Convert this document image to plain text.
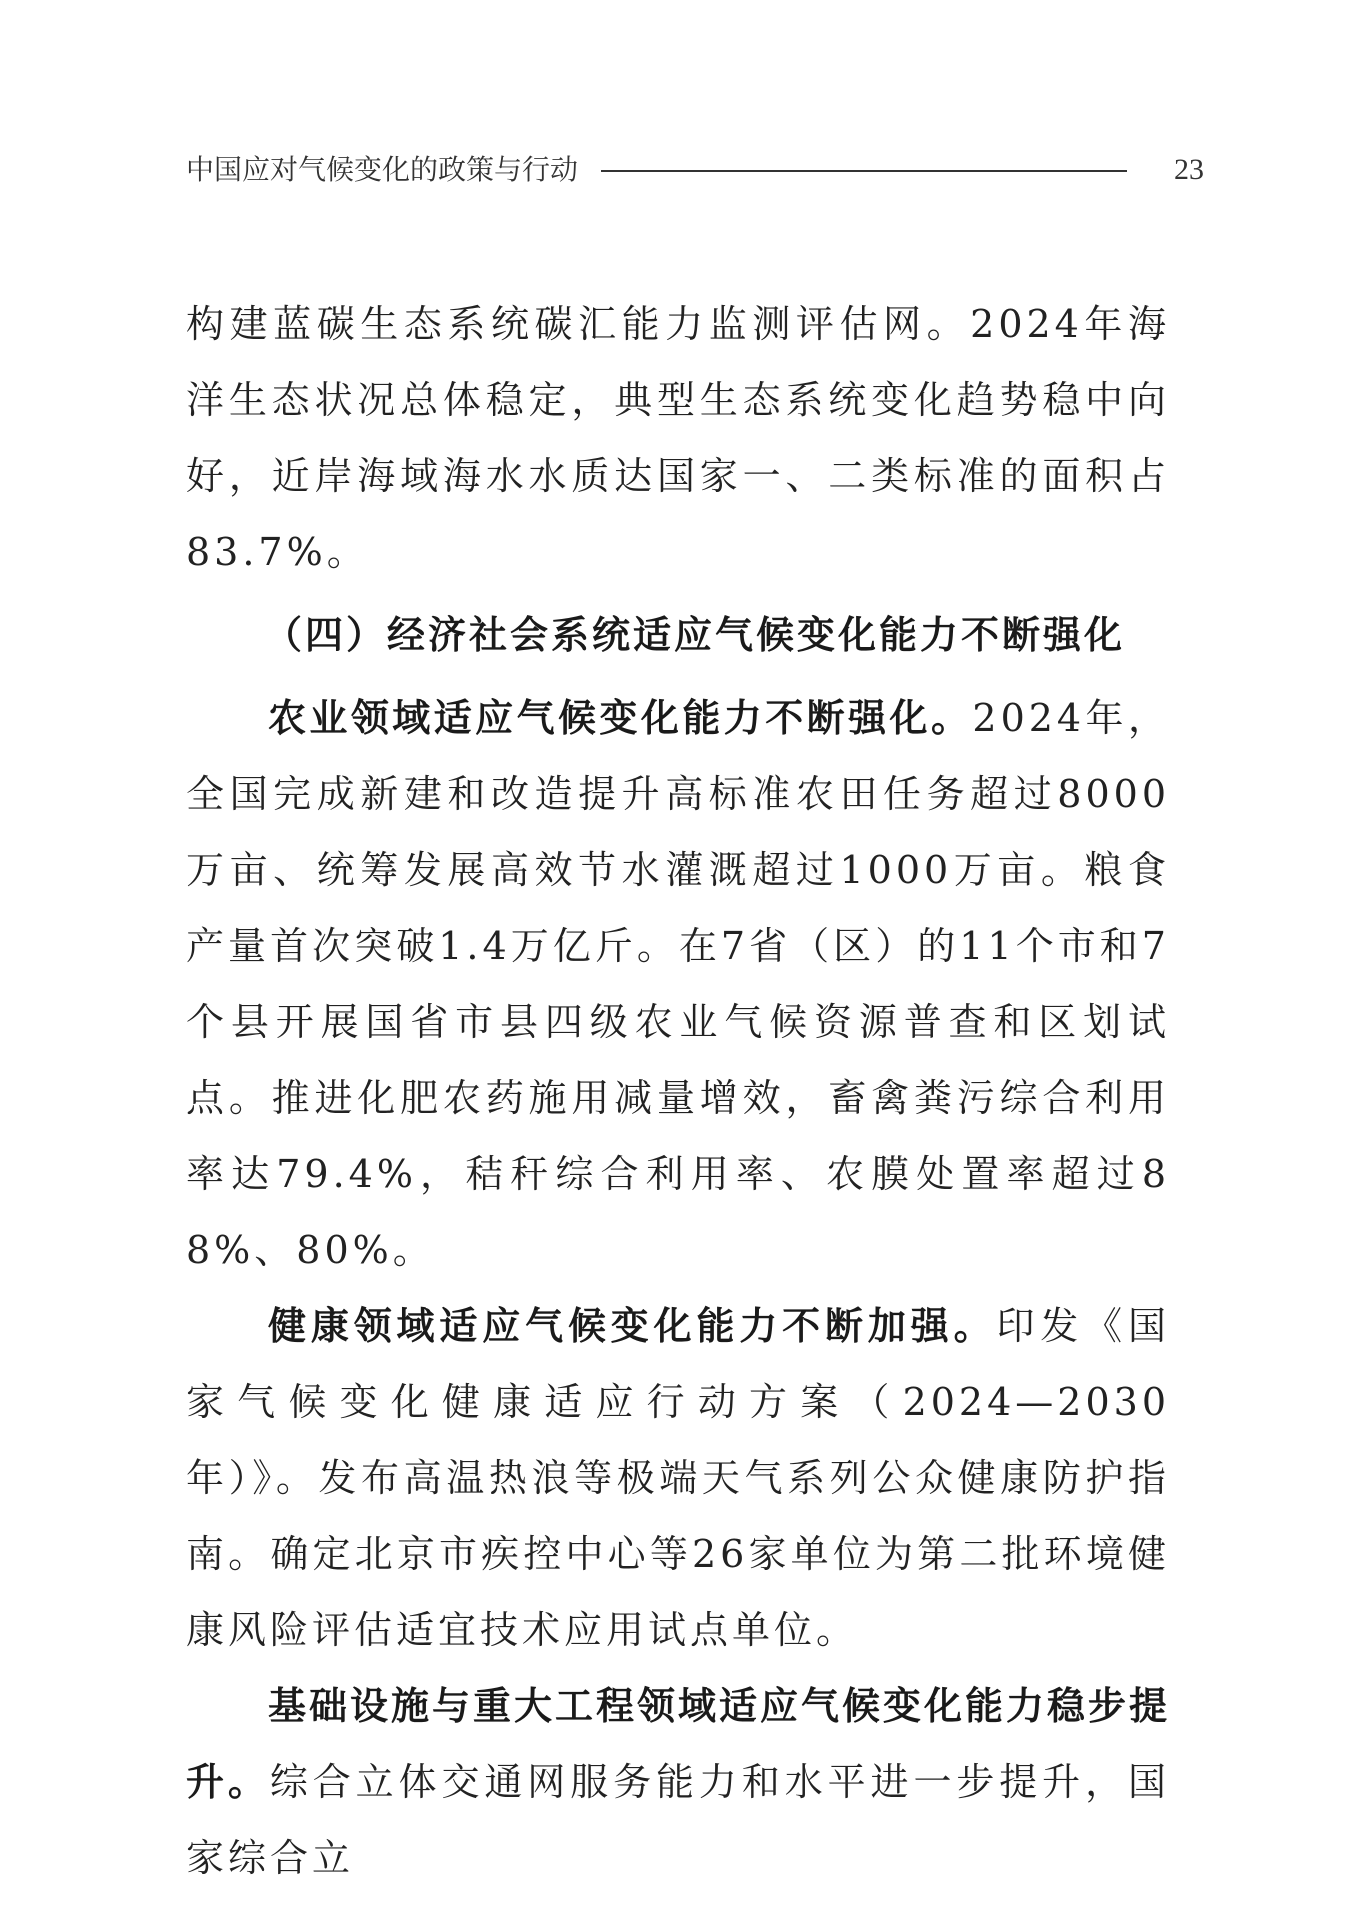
中国应对气候变化的政策与行动	23

构建蓝碳生态系统碳汇能力监测评估网。2024年海洋生态状况总体稳定，典型生态系统变化趋势稳中向好，近岸海域海水水质达国家一、二类标准的面积占83.7%。

（四）经济社会系统适应气候变化能力不断强化

农业领域适应气候变化能力不断强化。2024年，全国完成新建和改造提升高标准农田任务超过8000万亩、统筹发展高效节水灌溉超过1000万亩。粮食产量首次突破1.4万亿斤。在7省（区）的11个市和7个县开展国省市县四级农业气候资源普查和区划试点。推进化肥农药施用减量增效，畜禽粪污综合利用率达79.4%，秸秆综合利用率、农膜处置率超过88%、80%。

健康领域适应气候变化能力不断加强。印发《国家气候变化健康适应行动方案（2024—2030年）》。发布高温热浪等极端天气系列公众健康防护指南。确定北京市疾控中心等26家单位为第二批环境健康风险评估适宜技术应用试点单位。

基础设施与重大工程领域适应气候变化能力稳步提升。综合立体交通网服务能力和水平进一步提升，国家综合立
